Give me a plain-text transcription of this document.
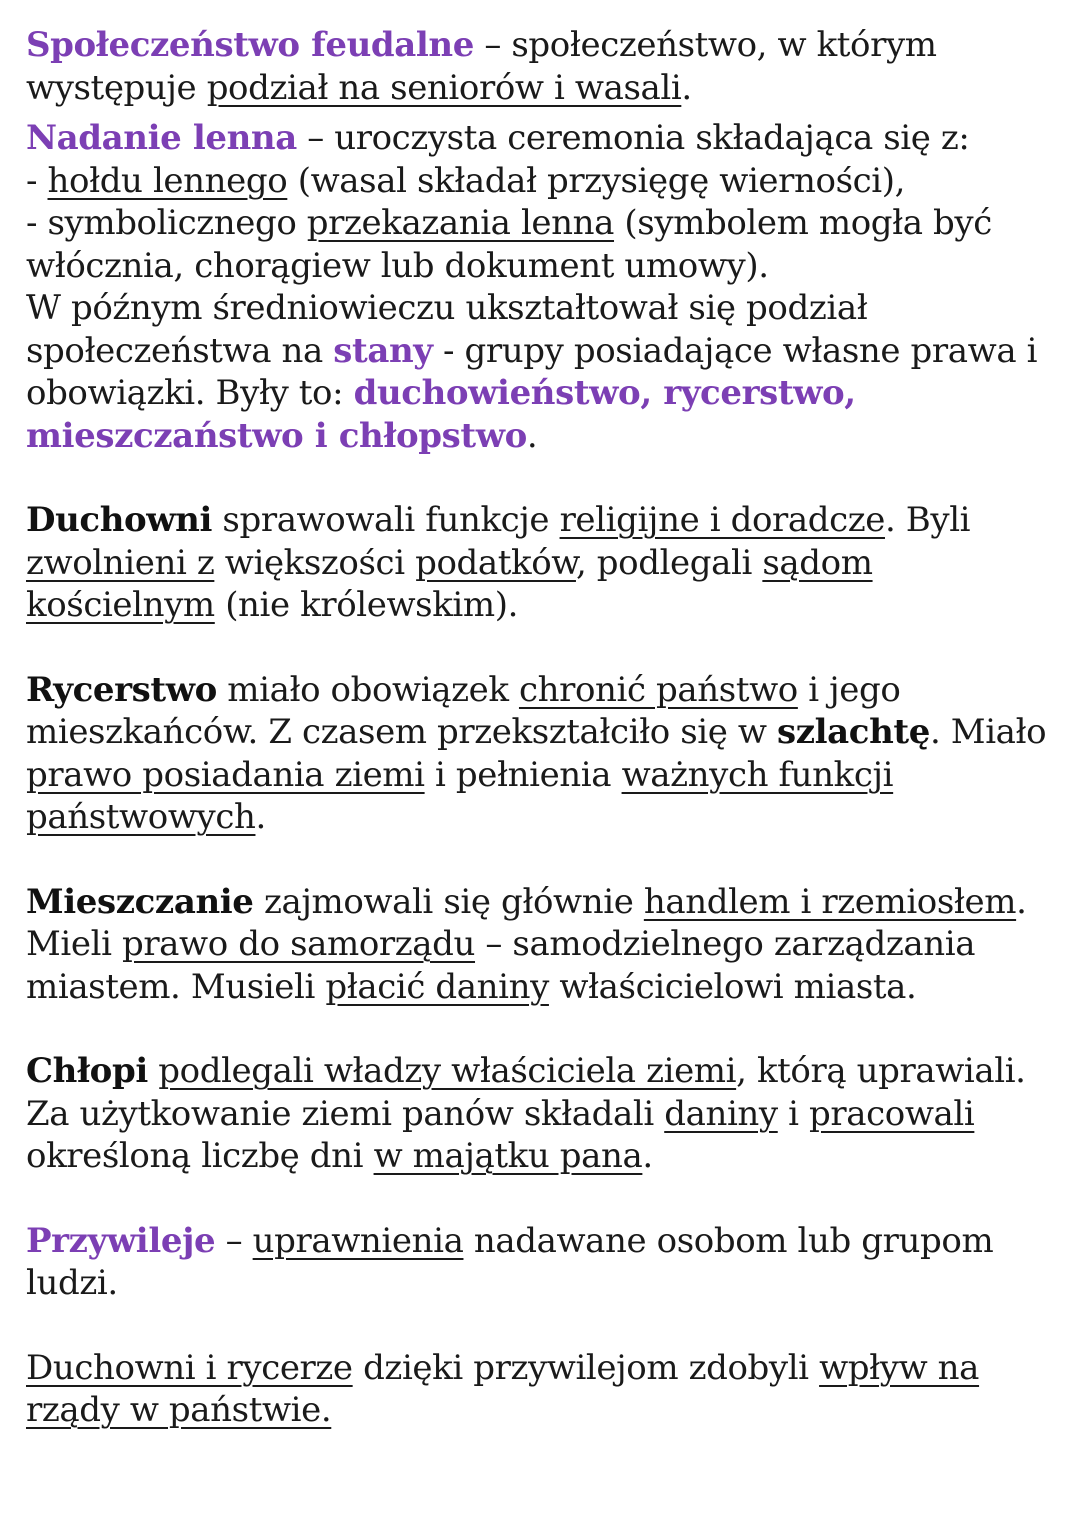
Społeczeństwo feudalne – społeczeństwo, w którym występuje podział na seniorów i wasali.

Nadanie lenna – uroczysta ceremonia składająca się z:
- hołdu lennego (wasal składał przysięgę wierności),
- symbolicznego przekazania lenna (symbolem mogła być włócznia, chorągiew lub dokument umowy).
W późnym średniowieczu ukształtował się podział społeczeństwa na stany - grupy posiadające własne prawa i obowiązki. Były to: duchowieństwo, rycerstwo, mieszczaństwo i chłopstwo.

Duchowni sprawowali funkcje religijne i doradcze. Byli zwolnieni z większości podatków, podlegali sądom kościelnym (nie królewskim).

Rycerstwo miało obowiązek chronić państwo i jego mieszkańców. Z czasem przekształciło się w szlachtę. Miało prawo posiadania ziemi i pełnienia ważnych funkcji państwowych.

Mieszczanie zajmowali się głównie handlem i rzemiosłem. Mieli prawo do samorządu – samodzielnego zarządzania miastem. Musieli płacić daniny właścicielowi miasta.

Chłopi podlegali władzy właściciela ziemi, którą uprawiali. Za użytkowanie ziemi panów składali daniny i pracowali określoną liczbę dni w majątku pana.

Przywileje – uprawnienia nadawane osobom lub grupom ludzi.

Duchowni i rycerze dzięki przywilejom zdobyli wpływ na rządy w państwie.
